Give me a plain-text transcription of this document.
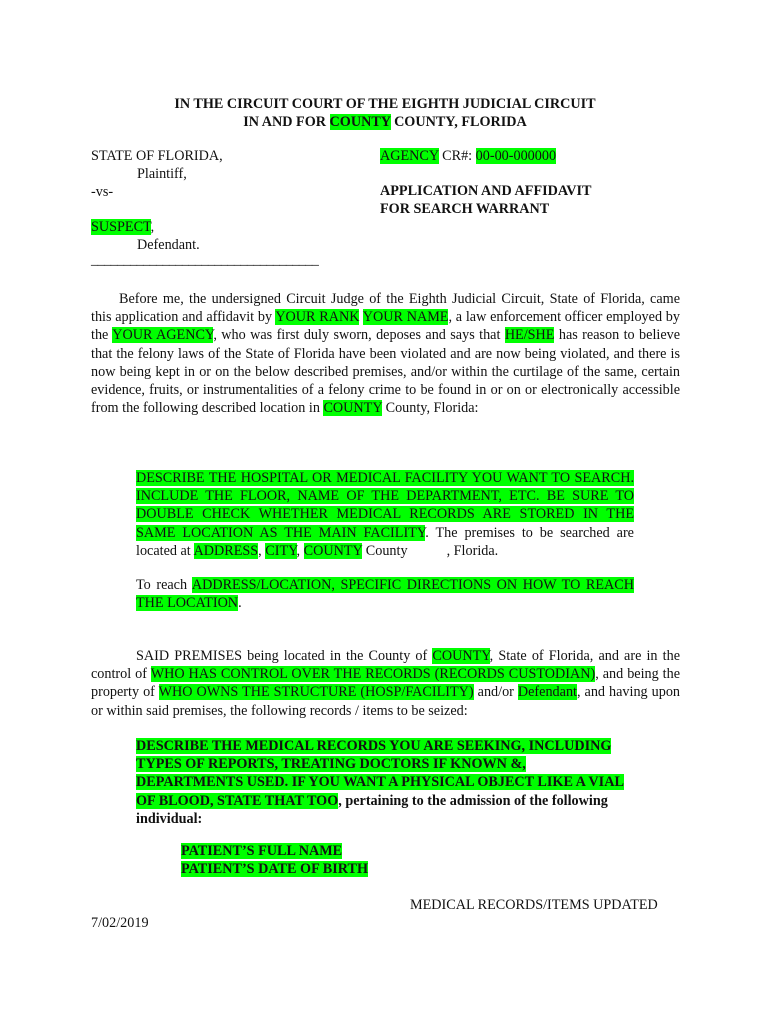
IN THE CIRCUIT COURT OF THE EIGHTH JUDICIAL CIRCUIT
IN AND FOR COUNTY COUNTY, FLORIDA
STATE OF FLORIDA,
Plaintiff,
-vs-
SUSPECT,
Defendant.
___________________________________
AGENCY CR#: 00-00-000000
APPLICATION AND AFFIDAVIT
FOR SEARCH WARRANT
Before me, the undersigned Circuit Judge of the Eighth Judicial Circuit, State of Florida, came this application and affidavit by YOUR RANK YOUR NAME, a law enforcement officer employed by the YOUR AGENCY, who was first duly sworn, deposes and says that HE/SHE has reason to believe that the felony laws of the State of Florida have been violated and are now being violated, and there is now being kept in or on the below described premises, and/or within the curtilage of the same, certain evidence, fruits, or instrumentalities of a felony crime to be found in or on or electronically accessible from the following described location in COUNTY County, Florida:
DESCRIBE THE HOSPITAL OR MEDICAL FACILITY YOU WANT TO SEARCH. INCLUDE THE FLOOR, NAME OF THE DEPARTMENT, ETC. BE SURE TO DOUBLE CHECK WHETHER MEDICAL RECORDS ARE STORED IN THE SAME LOCATION AS THE MAIN FACILITY. The premises to be searched are located at ADDRESS, CITY, COUNTY County           , Florida.
To reach ADDRESS/LOCATION, SPECIFIC DIRECTIONS ON HOW TO REACH THE LOCATION.
SAID PREMISES being located in the County of COUNTY, State of Florida, and are in the control of WHO HAS CONTROL OVER THE RECORDS (RECORDS CUSTODIAN), and being the property of WHO OWNS THE STRUCTURE (HOSP/FACILITY) and/or Defendant, and having upon or within said premises, the following records / items to be seized:
DESCRIBE THE MEDICAL RECORDS YOU ARE SEEKING, INCLUDING TYPES OF REPORTS, TREATING DOCTORS IF KNOWN &, DEPARTMENTS USED. IF YOU WANT A PHYSICAL OBJECT LIKE A VIAL OF BLOOD, STATE THAT TOO, pertaining to the admission of the following individual:
PATIENT’S FULL NAME
PATIENT’S DATE OF BIRTH
MEDICAL RECORDS/ITEMS UPDATED
7/02/2019
